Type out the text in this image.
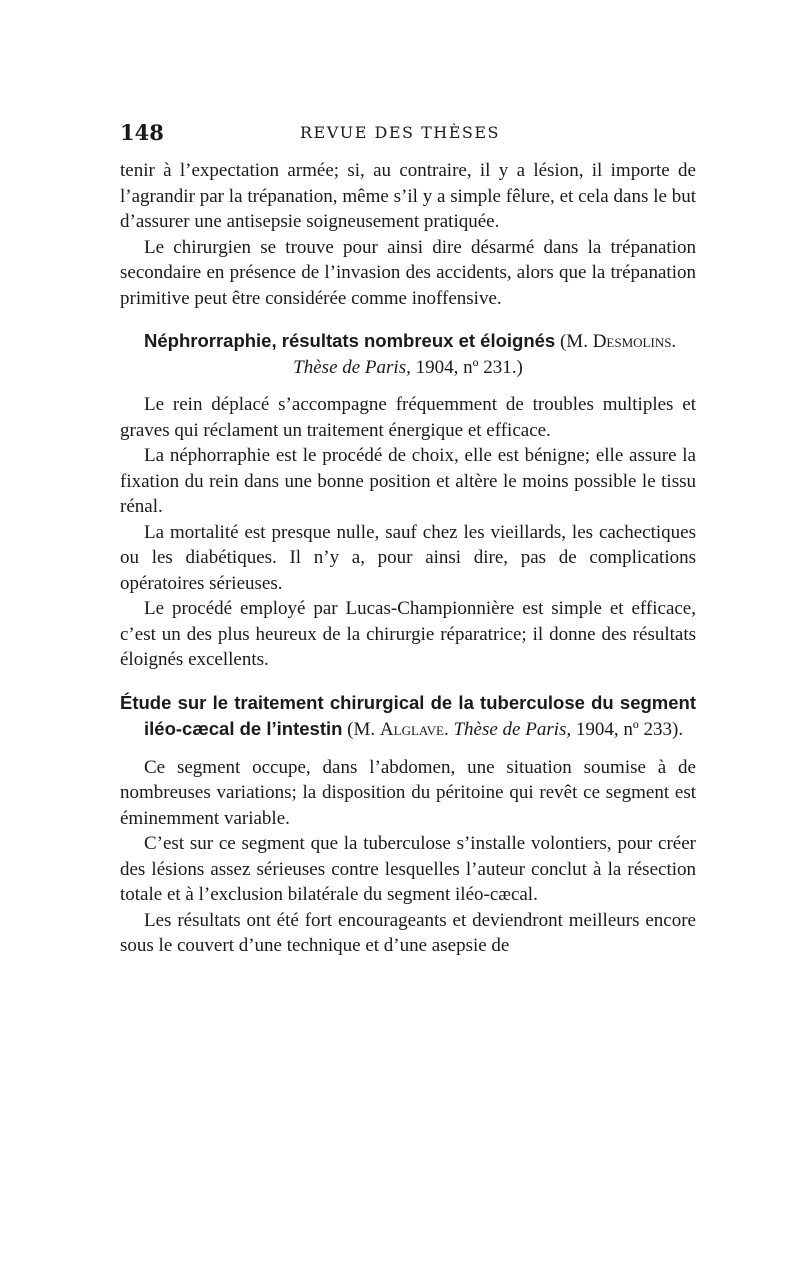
148	REVUE DES THÈSES

tenir à l’expectation armée; si, au contraire, il y a lésion, il importe de l’agrandir par la trépanation, même s’il y a simple fêlure, et cela dans le but d’assurer une antisepsie soigneusement pratiquée.

Le chirurgien se trouve pour ainsi dire désarmé dans la trépanation secondaire en présence de l’invasion des accidents, alors que la trépanation primitive peut être considérée comme inoffensive.

Néphrorraphie, résultats nombreux et éloignés (M. Desmolins.

Thèse de Paris, 1904, nº 231.)

Le rein déplacé s’accompagne fréquemment de troubles multiples et graves qui réclament un traitement énergique et efficace.

La néphorraphie est le procédé de choix, elle est bénigne; elle assure la fixation du rein dans une bonne position et altère le moins possible le tissu rénal.

La mortalité est presque nulle, sauf chez les vieillards, les cachectiques ou les diabétiques. Il n’y a, pour ainsi dire, pas de complications opératoires sérieuses.

Le procédé employé par Lucas-Championnière est simple et efficace, c’est un des plus heureux de la chirurgie réparatrice; il donne des résultats éloignés excellents.

Étude sur le traitement chirurgical de la tuberculose du segment iléo-cæcal de l’intestin (M. Alglave. Thèse de Paris, 1904, nº 233).

Ce segment occupe, dans l’abdomen, une situation soumise à de nombreuses variations; la disposition du péritoine qui revêt ce segment est éminemment variable.

C’est sur ce segment que la tuberculose s’installe volontiers, pour créer des lésions assez sérieuses contre lesquelles l’auteur conclut à la résection totale et à l’exclusion bilatérale du segment iléo-cæcal.

Les résultats ont été fort encourageants et deviendront meilleurs encore sous le couvert d’une technique et d’une asepsie de
